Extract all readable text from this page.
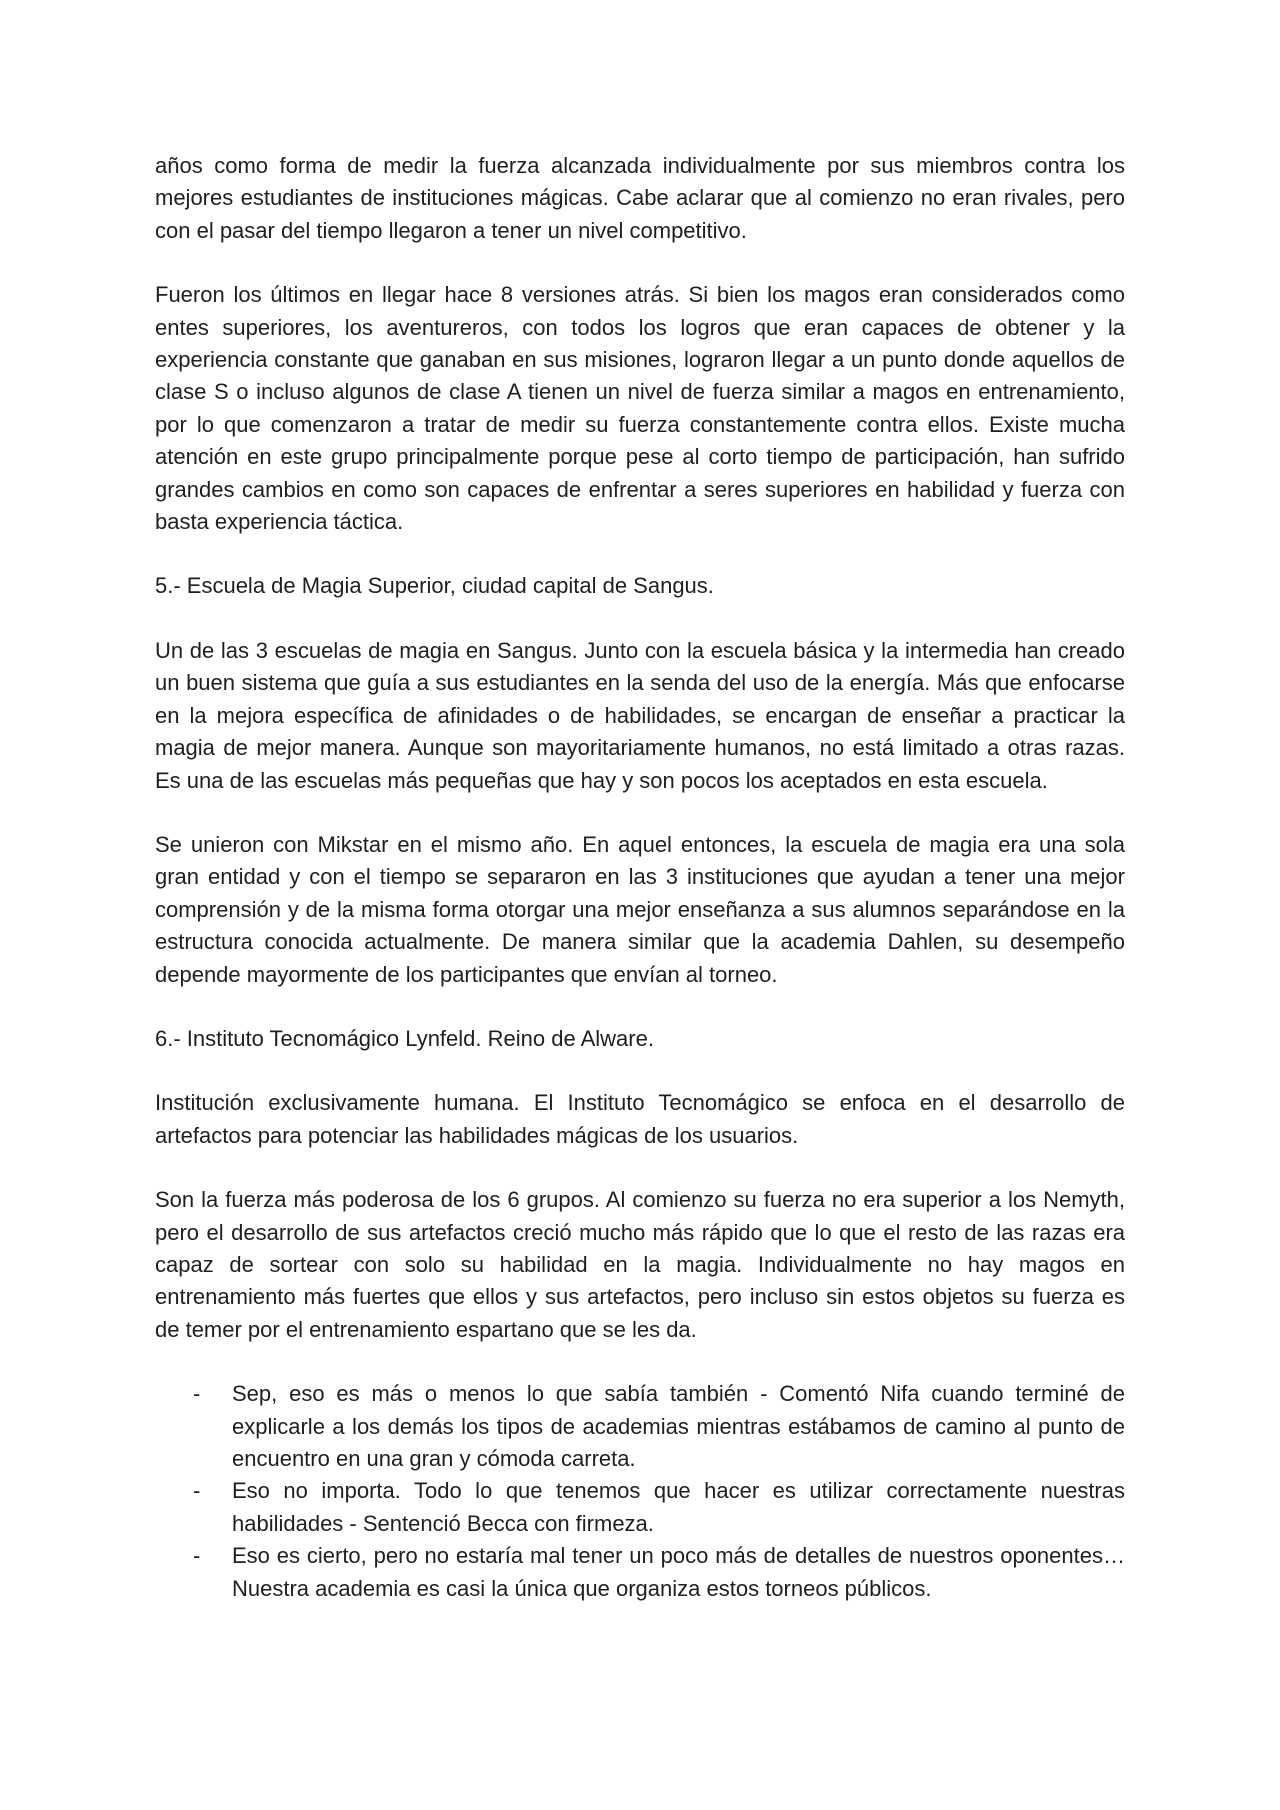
años como forma de medir la fuerza alcanzada individualmente por sus miembros contra los mejores estudiantes de instituciones mágicas. Cabe aclarar que al comienzo no eran rivales, pero con el pasar del tiempo llegaron a tener un nivel competitivo.

Fueron los últimos en llegar hace 8 versiones atrás. Si bien los magos eran considerados como entes superiores, los aventureros, con todos los logros que eran capaces de obtener y la experiencia constante que ganaban en sus misiones, lograron llegar a un punto donde aquellos de clase S o incluso algunos de clase A tienen un nivel de fuerza similar a magos en entrenamiento, por lo que comenzaron a tratar de medir su fuerza constantemente contra ellos. Existe mucha atención en este grupo principalmente porque pese al corto tiempo de participación, han sufrido grandes cambios en como son capaces de enfrentar a seres superiores en habilidad y fuerza con basta experiencia táctica.

5.- Escuela de Magia Superior, ciudad capital de Sangus.

Un de las 3 escuelas de magia en Sangus. Junto con la escuela básica y la intermedia han creado un buen sistema que guía a sus estudiantes en la senda del uso de la energía. Más que enfocarse en la mejora específica de afinidades o de habilidades, se encargan de enseñar a practicar la magia de mejor manera. Aunque son mayoritariamente humanos, no está limitado a otras razas. Es una de las escuelas más pequeñas que hay y son pocos los aceptados en esta escuela.

Se unieron con Mikstar en el mismo año. En aquel entonces, la escuela de magia era una sola gran entidad y con el tiempo se separaron en las 3 instituciones que ayudan a tener una mejor comprensión y de la misma forma otorgar una mejor enseñanza a sus alumnos separándose en la estructura conocida actualmente. De manera similar que la academia Dahlen, su desempeño depende mayormente de los participantes que envían al torneo.

6.- Instituto Tecnomágico Lynfeld. Reino de Alware.

Institución exclusivamente humana. El Instituto Tecnomágico se enfoca en el desarrollo de artefactos para potenciar las habilidades mágicas de los usuarios.

Son la fuerza más poderosa de los 6 grupos. Al comienzo su fuerza no era superior a los Nemyth, pero el desarrollo de sus artefactos creció mucho más rápido que lo que el resto de las razas era capaz de sortear con solo su habilidad en la magia. Individualmente no hay magos en entrenamiento más fuertes que ellos y sus artefactos, pero incluso sin estos objetos su fuerza es de temer por el entrenamiento espartano que se les da.

- Sep, eso es más o menos lo que sabía también - Comentó Nifa cuando terminé de explicarle a los demás los tipos de academias mientras estábamos de camino al punto de encuentro en una gran y cómoda carreta.
- Eso no importa. Todo lo que tenemos que hacer es utilizar correctamente nuestras habilidades - Sentenció Becca con firmeza.
- Eso es cierto, pero no estaría mal tener un poco más de detalles de nuestros oponentes… Nuestra academia es casi la única que organiza estos torneos públicos.
